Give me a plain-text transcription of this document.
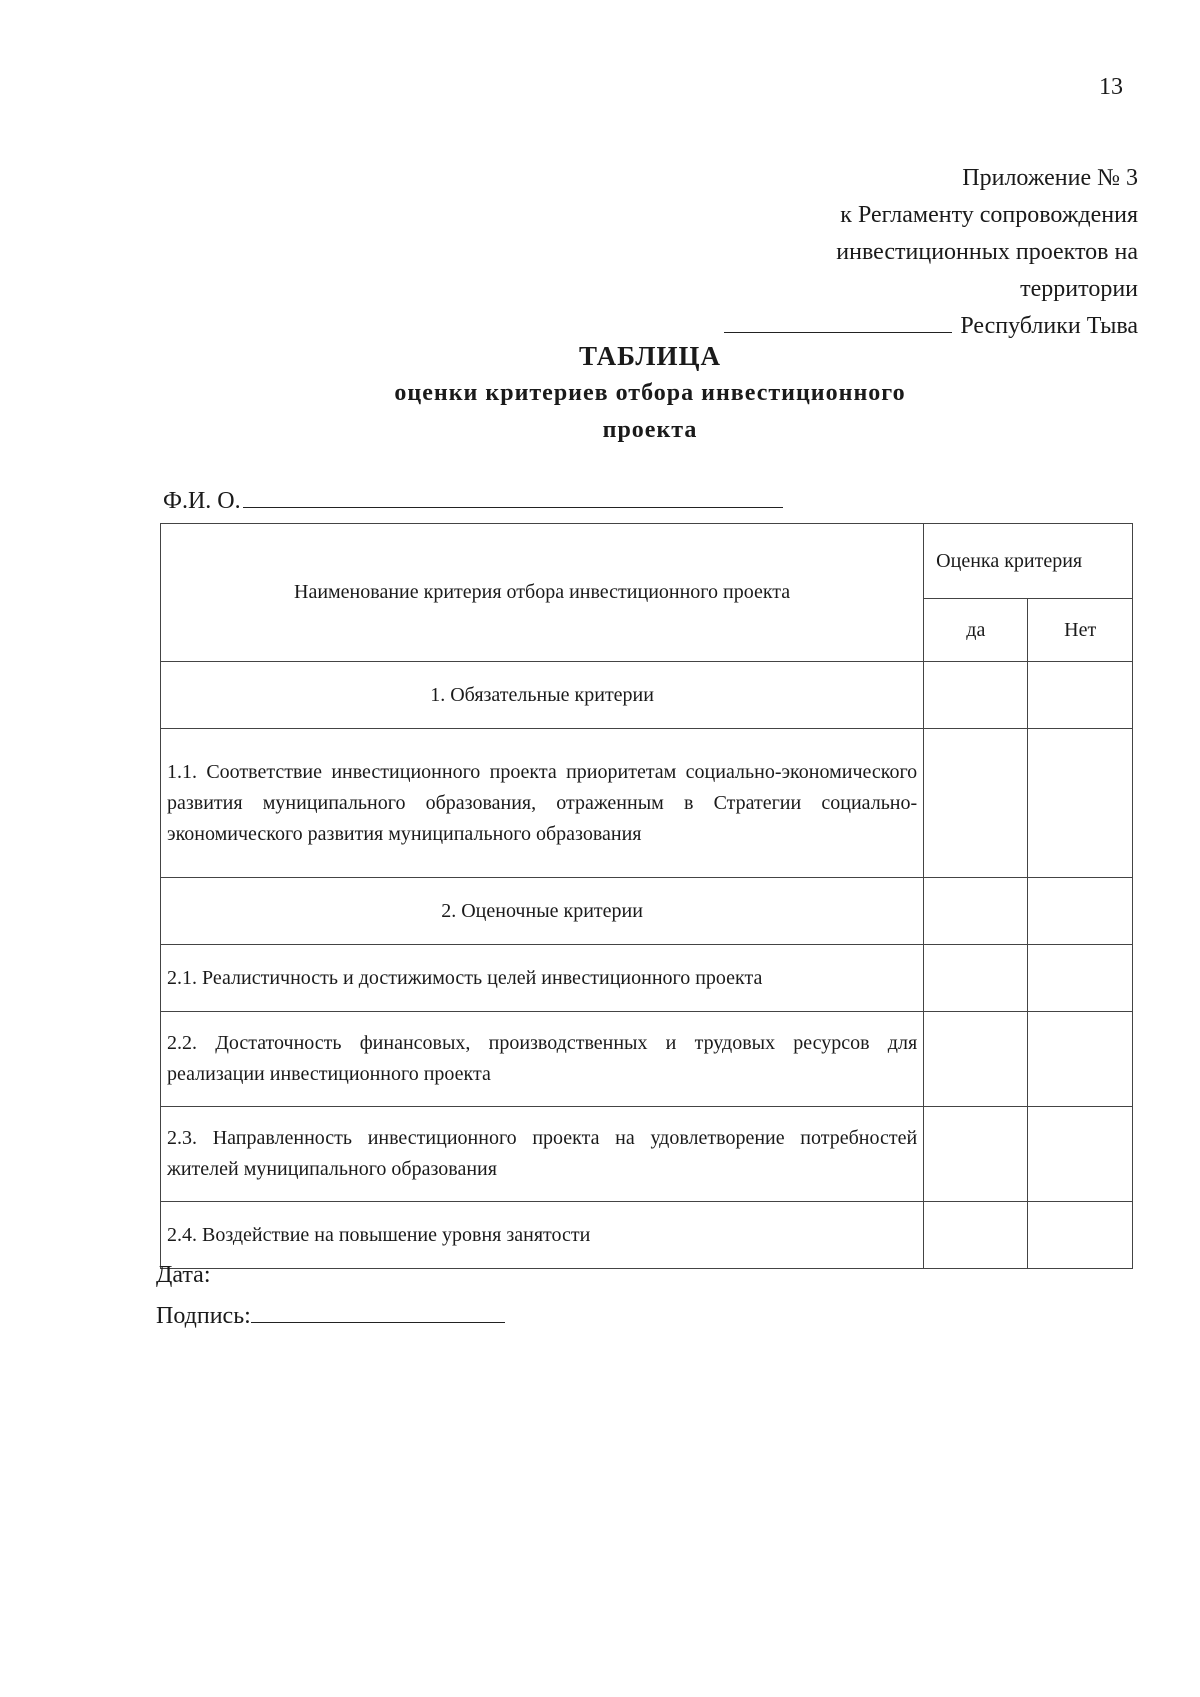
13
Приложение № 3
к Регламенту сопровождения
инвестиционных проектов на
территории
Республики Тыва
ТАБЛИЦА
оценки критериев отбора инвестиционного
проекта
Ф.И. О.
Наименование критерия отбора инвестиционного проекта	Оценка критерия	
	да	Нет
1. Обязательные критерии		
1.1. Соответствие инвестиционного проекта приоритетам социально-экономического развития муниципального образования, отраженным в Стратегии социально-экономического развития муниципального образования		
2. Оценочные критерии		
2.1. Реалистичность и достижимость целей инвестиционного проекта		
2.2. Достаточность финансовых, производственных и трудовых ресурсов для реализации инвестиционного проекта		
2.3. Направленность инвестиционного проекта на удовлетворение потребностей жителей муниципального образования		
2.4. Воздействие на повышение уровня занятости		
Дата:
Подпись:
